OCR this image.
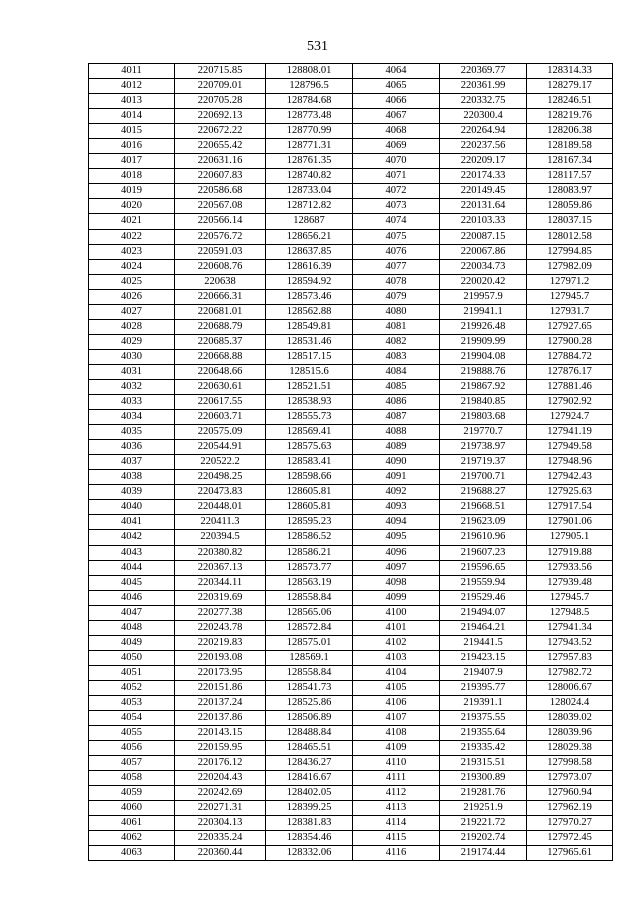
531
4011	220715.85	128808.01	4064	220369.77	128314.33
4012	220709.01	128796.5	4065	220361.99	128279.17
4013	220705.28	128784.68	4066	220332.75	128246.51
4014	220692.13	128773.48	4067	220300.4	128219.76
4015	220672.22	128770.99	4068	220264.94	128206.38
4016	220655.42	128771.31	4069	220237.56	128189.58
4017	220631.16	128761.35	4070	220209.17	128167.34
4018	220607.83	128740.82	4071	220174.33	128117.57
4019	220586.68	128733.04	4072	220149.45	128083.97
4020	220567.08	128712.82	4073	220131.64	128059.86
4021	220566.14	128687	4074	220103.33	128037.15
4022	220576.72	128656.21	4075	220087.15	128012.58
4023	220591.03	128637.85	4076	220067.86	127994.85
4024	220608.76	128616.39	4077	220034.73	127982.09
4025	220638	128594.92	4078	220020.42	127971.2
4026	220666.31	128573.46	4079	219957.9	127945.7
4027	220681.01	128562.88	4080	219941.1	127931.7
4028	220688.79	128549.81	4081	219926.48	127927.65
4029	220685.37	128531.46	4082	219909.99	127900.28
4030	220668.88	128517.15	4083	219904.08	127884.72
4031	220648.66	128515.6	4084	219888.76	127876.17
4032	220630.61	128521.51	4085	219867.92	127881.46
4033	220617.55	128538.93	4086	219840.85	127902.92
4034	220603.71	128555.73	4087	219803.68	127924.7
4035	220575.09	128569.41	4088	219770.7	127941.19
4036	220544.91	128575.63	4089	219738.97	127949.58
4037	220522.2	128583.41	4090	219719.37	127948.96
4038	220498.25	128598.66	4091	219700.71	127942.43
4039	220473.83	128605.81	4092	219688.27	127925.63
4040	220448.01	128605.81	4093	219668.51	127917.54
4041	220411.3	128595.23	4094	219623.09	127901.06
4042	220394.5	128586.52	4095	219610.96	127905.1
4043	220380.82	128586.21	4096	219607.23	127919.88
4044	220367.13	128573.77	4097	219596.65	127933.56
4045	220344.11	128563.19	4098	219559.94	127939.48
4046	220319.69	128558.84	4099	219529.46	127945.7
4047	220277.38	128565.06	4100	219494.07	127948.5
4048	220243.78	128572.84	4101	219464.21	127941.34
4049	220219.83	128575.01	4102	219441.5	127943.52
4050	220193.08	128569.1	4103	219423.15	127957.83
4051	220173.95	128558.84	4104	219407.9	127982.72
4052	220151.86	128541.73	4105	219395.77	128006.67
4053	220137.24	128525.86	4106	219391.1	128024.4
4054	220137.86	128506.89	4107	219375.55	128039.02
4055	220143.15	128488.84	4108	219355.64	128039.96
4056	220159.95	128465.51	4109	219335.42	128029.38
4057	220176.12	128436.27	4110	219315.51	127998.58
4058	220204.43	128416.67	4111	219300.89	127973.07
4059	220242.69	128402.05	4112	219281.76	127960.94
4060	220271.31	128399.25	4113	219251.9	127962.19
4061	220304.13	128381.83	4114	219221.72	127970.27
4062	220335.24	128354.46	4115	219202.74	127972.45
4063	220360.44	128332.06	4116	219174.44	127965.61
